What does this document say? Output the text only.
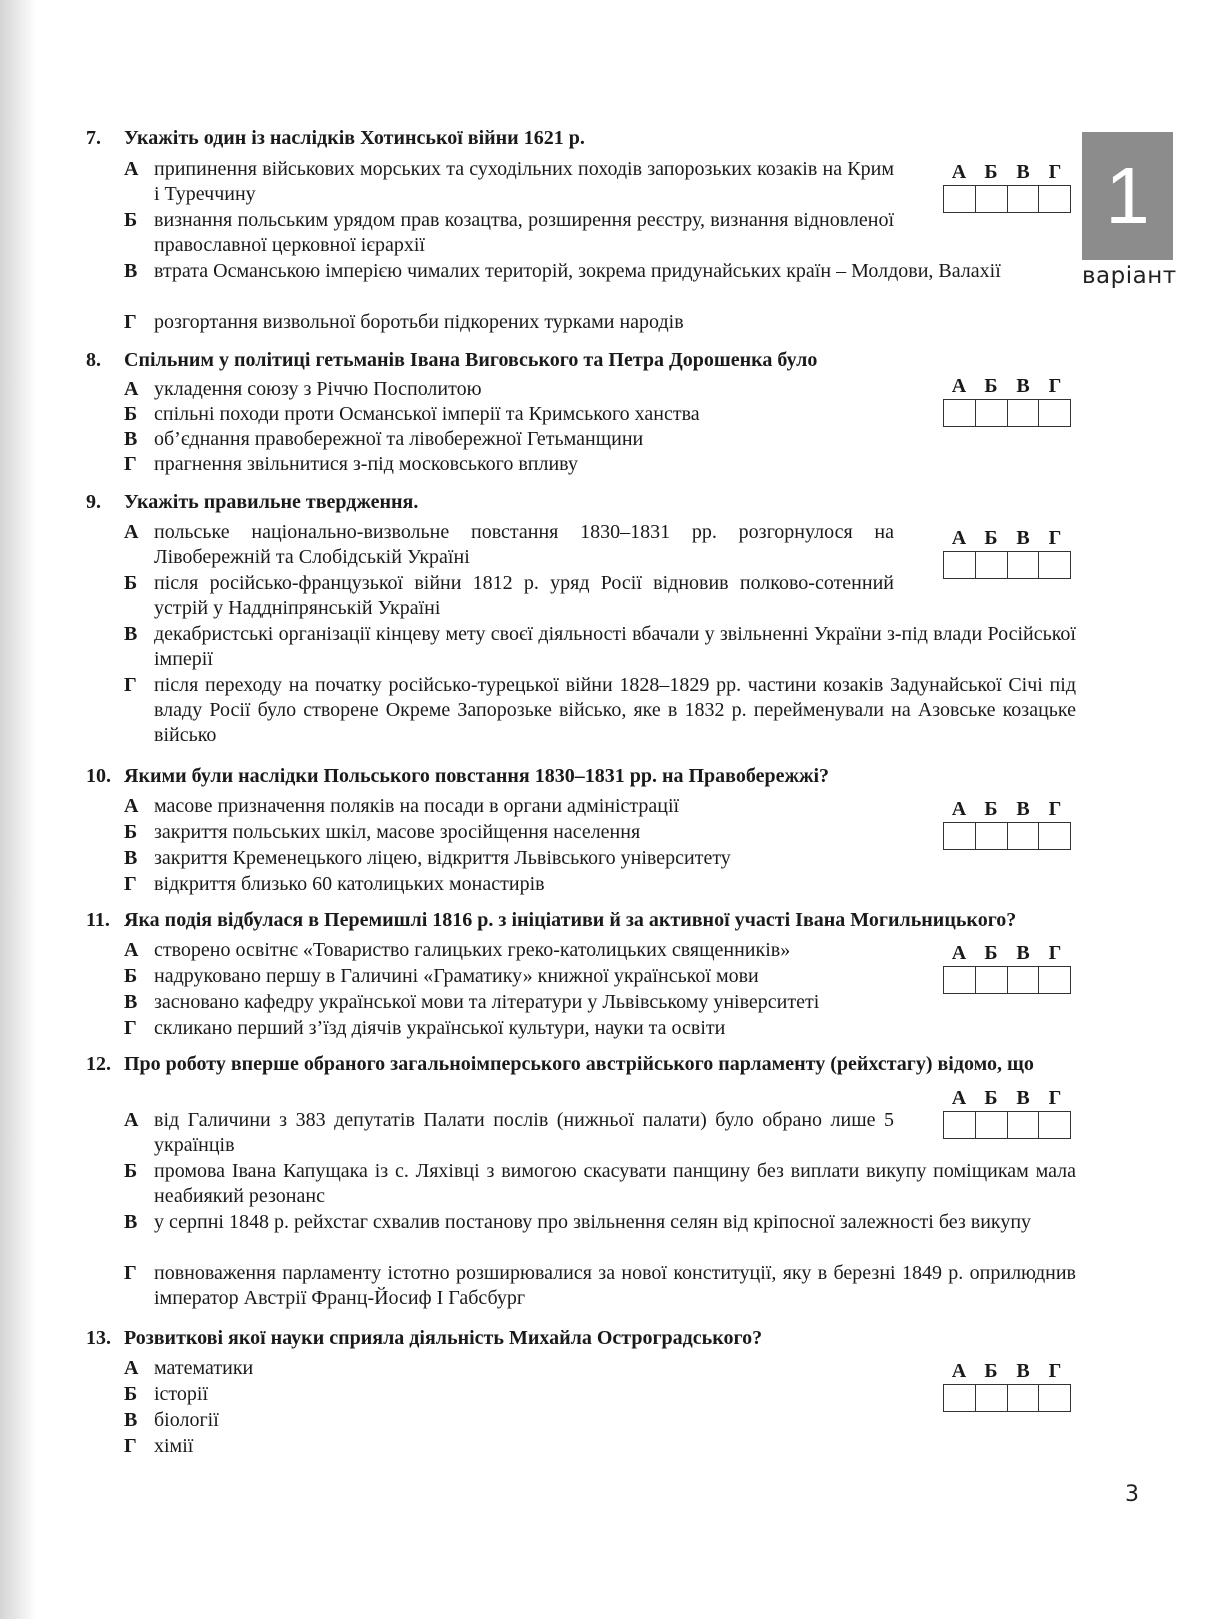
1
варіант
7.	Укажіть один із наслідків Хотинської війни 1621 р.
А припинення військових морських та суходільних походів запорозьких козаків на Крим і Туреччину
Б визнання польським урядом прав козацтва, розширення реєстру, визнання відновленої православної церковної ієрархії
В втрата Османською імперією чималих територій, зокрема придунайських країн – Молдови, Валахії
Г розгортання визвольної боротьби підкорених турками народів
А Б В Г
8.	Спільним у політиці гетьманів Івана Виговського та Петра Дорошенка було
А укладення союзу з Річчю Посполитою
Б спільні походи проти Османської імперії та Кримського ханства
В об’єднання правобережної та лівобережної Гетьманщини
Г прагнення звільнитися з-під московського впливу
А Б В Г
9.	Укажіть правильне твердження.
А польське національно-визвольне повстання 1830–1831 рр. розгорнулося на Лівобережній та Слобідській Україні
Б після російсько-французької війни 1812 р. уряд Росії відновив полково-сотенний устрій у Наддніпрянській Україні
В декабристські організації кінцеву мету своєї діяльності вбачали у звільненні України з-під влади Російської імперії
Г після переходу на початку російсько-турецької війни 1828–1829 рр. частини козаків Задунайської Січі під владу Росії було створене Окреме Запорозьке військо, яке в 1832 р. перейменували на Азовське козацьке військо
А Б В Г
10. Якими були наслідки Польського повстання 1830–1831 рр. на Правобережжі?
А масове призначення поляків на посади в органи адміністрації
Б закриття польських шкіл, масове зросійщення населення
В закриття Кременецького ліцею, відкриття Львівського університету
Г відкриття близько 60 католицьких монастирів
А Б В Г
11. Яка подія відбулася в Перемишлі 1816 р. з ініціативи й за активної участі Івана Могильницького?
А створено освітнє «Товариство галицьких греко-католицьких священників»
Б надруковано першу в Галичині «Граматику» книжної української мови
В засновано кафедру української мови та літератури у Львівському університеті
Г скликано перший з’їзд діячів української культури, науки та освіти
А Б В Г
12. Про роботу вперше обраного загальноімперського австрійського парламенту (рейхстагу) відомо, що
А від Галичини з 383 депутатів Палати послів (нижньої палати) було обрано лише 5 українців
Б промова Івана Капущака із с. Ляхівці з вимогою скасувати панщину без виплати викупу поміщикам мала неабиякий резонанс
В у серпні 1848 р. рейхстаг схвалив постанову про звільнення селян від кріпосної залежності без викупу
Г повноваження парламенту істотно розширювалися за нової конституції, яку в березні 1849 р. оприлюднив імператор Австрії Франц-Йосиф І Габсбург
А Б В Г
13. Розвиткові якої науки сприяла діяльність Михайла Остроградського?
А математики
Б історії
В біології
Г хімії
А Б В Г
3
